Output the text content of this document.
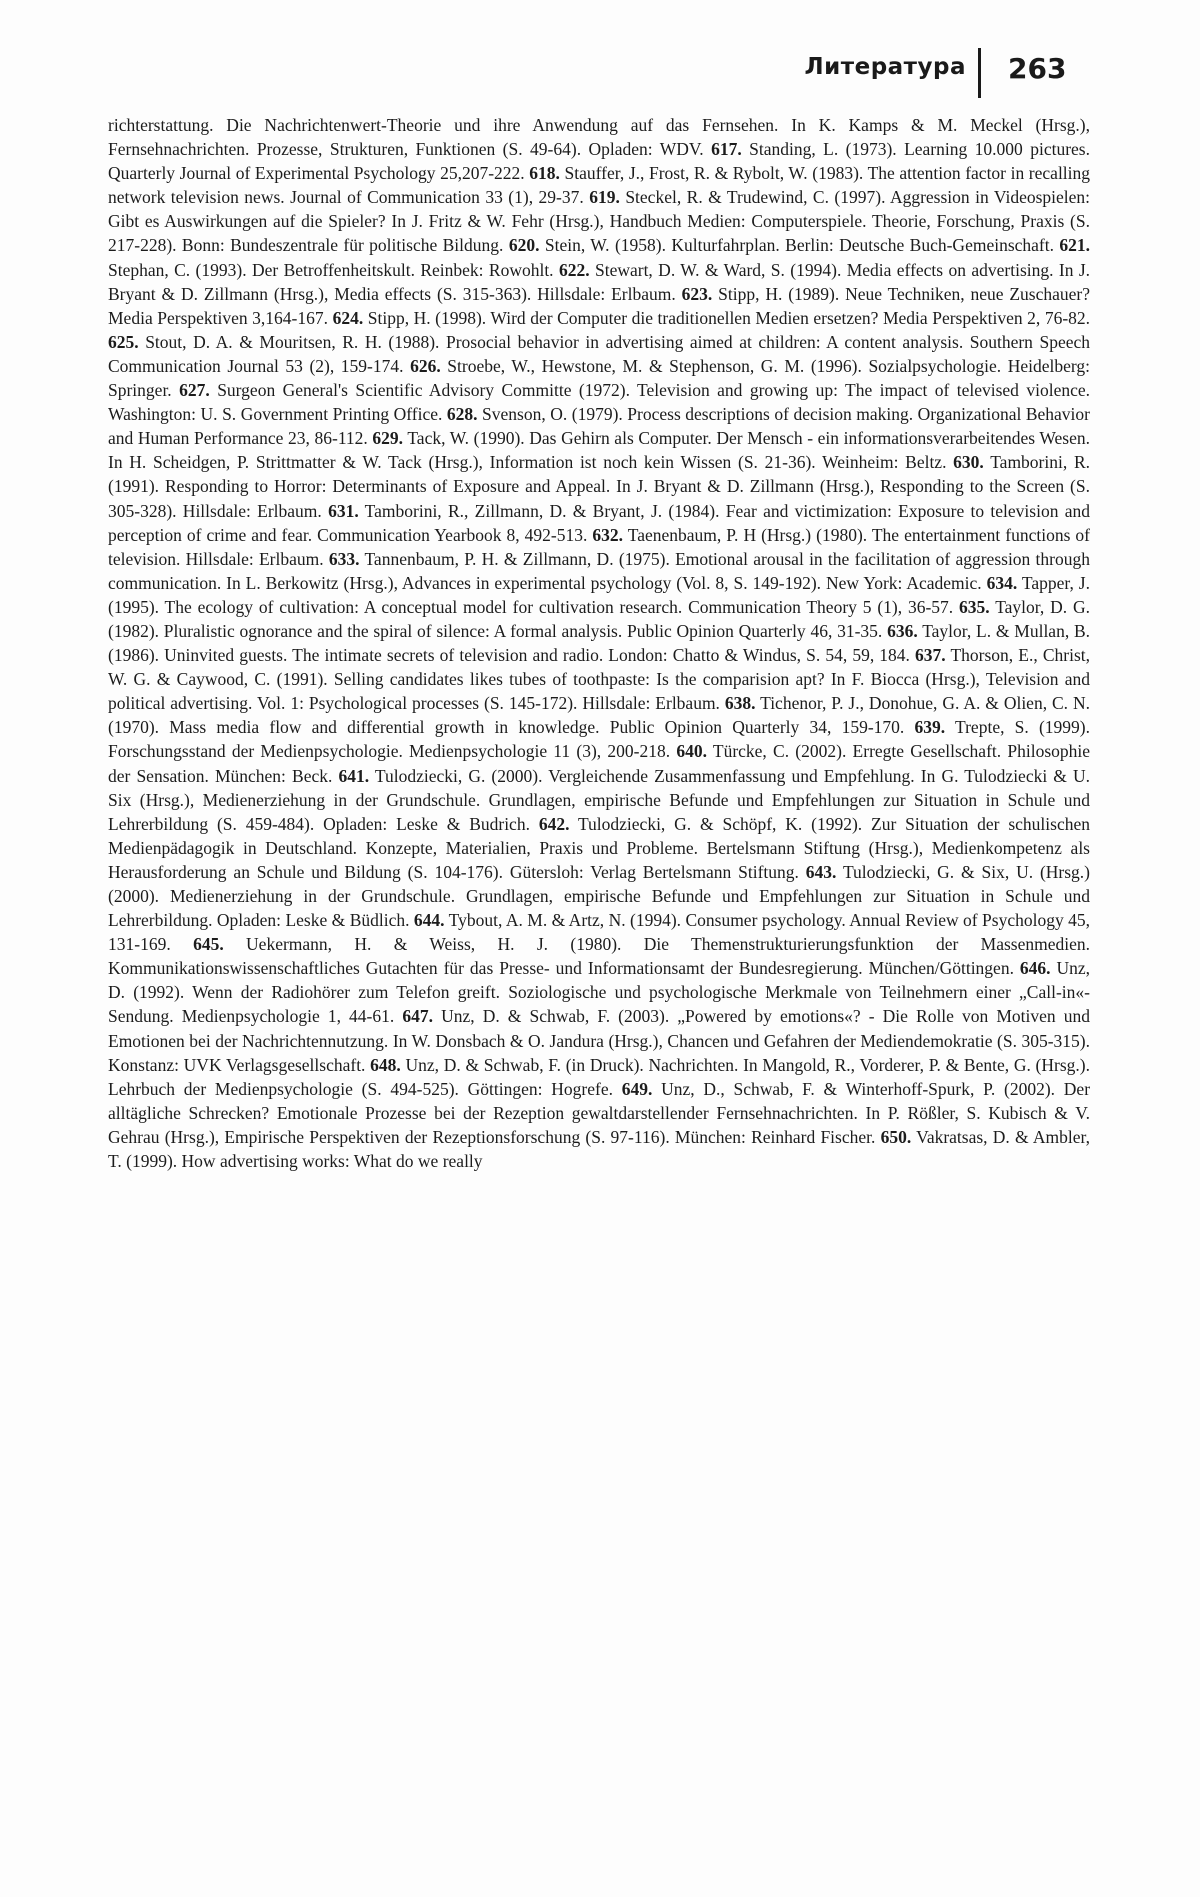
Литература 263
richterstattung. Die Nachrichtenwert-Theorie und ihre Anwendung auf das Fernsehen. In K. Kamps & M. Meckel (Hrsg.), Fernsehnachrichten. Prozesse, Strukturen, Funktionen (S. 49-64). Opladen: WDV. 617. Standing, L. (1973). Learning 10.000 pictures. Quarterly Journal of Experimental Psychology 25,207-222. 618. Stauffer, J., Frost, R. & Rybolt, W. (1983). The attention factor in recalling network television news. Journal of Communication 33 (1), 29-37. 619. Steckel, R. & Trudewind, C. (1997). Aggression in Videospielen: Gibt es Auswirkungen auf die Spieler? In J. Fritz & W. Fehr (Hrsg.), Handbuch Medien: Computerspiele. Theorie, Forschung, Praxis (S. 217-228). Bonn: Bundeszentrale für politische Bildung. 620. Stein, W. (1958). Kulturfahrplan. Berlin: Deutsche Buch-Gemeinschaft. 621. Stephan, C. (1993). Der Betroffenheitskult. Reinbek: Rowohlt. 622. Stewart, D. W. & Ward, S. (1994). Media effects on advertising. In J. Bryant & D. Zillmann (Hrsg.), Media effects (S. 315-363). Hillsdale: Erlbaum. 623. Stipp, H. (1989). Neue Techniken, neue Zuschauer? Media Perspektiven 3,164-167. 624. Stipp, H. (1998). Wird der Computer die traditionellen Medien ersetzen? Media Perspektiven 2, 76-82. 625. Stout, D. A. & Mouritsen, R. H. (1988). Prosocial behavior in advertising aimed at children: A content analysis. Southern Speech Communication Journal 53 (2), 159-174. 626. Stroebe, W., Hewstone, M. & Stephenson, G. M. (1996). Sozialpsychologie. Heidelberg: Springer. 627. Surgeon General's Scientific Advisory Committe (1972). Television and growing up: The impact of televised violence. Washington: U. S. Government Printing Office. 628. Svenson, O. (1979). Process descriptions of decision making. Organizational Behavior and Human Performance 23, 86-112. 629. Tack, W. (1990). Das Gehirn als Computer. Der Mensch - ein informationsverarbeitendes Wesen. In H. Scheidgen, P. Strittmatter & W. Tack (Hrsg.), Information ist noch kein Wissen (S. 21-36). Weinheim: Beltz. 630. Tamborini, R. (1991). Responding to Horror: Determinants of Exposure and Appeal. In J. Bryant & D. Zillmann (Hrsg.), Responding to the Screen (S. 305-328). Hillsdale: Erlbaum. 631. Tamborini, R., Zillmann, D. & Bryant, J. (1984). Fear and victimization: Exposure to television and perception of crime and fear. Communication Yearbook 8, 492-513. 632. Taenenbaum, P. H (Hrsg.) (1980). The entertainment functions of television. Hillsdale: Erlbaum. 633. Tannenbaum, P. H. & Zillmann, D. (1975). Emotional arousal in the facilitation of aggression through communication. In L. Berkowitz (Hrsg.), Advances in experimental psychology (Vol. 8, S. 149-192). New York: Academic. 634. Tapper, J. (1995). The ecology of cultivation: A conceptual model for cultivation research. Communication Theory 5 (1), 36-57. 635. Taylor, D. G. (1982). Pluralistic ognorance and the spiral of silence: A formal analysis. Public Opinion Quarterly 46, 31-35. 636. Taylor, L. & Mullan, B. (1986). Uninvited guests. The intimate secrets of television and radio. London: Chatto & Windus, S. 54, 59, 184. 637. Thorson, E., Christ, W. G. & Caywood, C. (1991). Selling candidates likes tubes of toothpaste: Is the comparision apt? In F. Biocca (Hrsg.), Television and political advertising. Vol. 1: Psychological processes (S. 145-172). Hillsdale: Erlbaum. 638. Tichenor, P. J., Donohue, G. A. & Olien, C. N. (1970). Mass media flow and differential growth in knowledge. Public Opinion Quarterly 34, 159-170. 639. Trepte, S. (1999). Forschungsstand der Medienpsychologie. Medienpsychologie 11 (3), 200-218. 640. Türcke, C. (2002). Erregte Gesellschaft. Philosophie der Sensation. München: Beck. 641. Tulodziecki, G. (2000). Vergleichende Zusammenfassung und Empfehlung. In G. Tulodziecki & U. Six (Hrsg.), Medienerziehung in der Grundschule. Grundlagen, empirische Befunde und Empfehlungen zur Situation in Schule und Lehrerbildung (S. 459-484). Opladen: Leske & Budrich. 642. Tulodziecki, G. & Schöpf, K. (1992). Zur Situation der schulischen Medienpädagogik in Deutschland. Konzepte, Materialien, Praxis und Probleme. Bertelsmann Stiftung (Hrsg.), Medienkompetenz als Herausforderung an Schule und Bildung (S. 104-176). Gütersloh: Verlag Bertelsmann Stiftung. 643. Tulodziecki, G. & Six, U. (Hrsg.) (2000). Medienerziehung in der Grundschule. Grundlagen, empirische Befunde und Empfehlungen zur Situation in Schule und Lehrerbildung. Opladen: Leske & Büdlich. 644. Tybout, A. M. & Artz, N. (1994). Consumer psychology. Annual Review of Psychology 45, 131-169. 645. Uekermann, H. & Weiss, H. J. (1980). Die Themenstrukturierungsfunktion der Massenmedien. Kommunikationswissenschaftliches Gutachten für das Presse- und Informationsamt der Bundesregierung. München/Göttingen. 646. Unz, D. (1992). Wenn der Radiohörer zum Telefon greift. Soziologische und psychologische Merkmale von Teilnehmern einer „Call-in«-Sendung. Medienpsychologie 1, 44-61. 647. Unz, D. & Schwab, F. (2003). „Powered by emotions«? - Die Rolle von Motiven und Emotionen bei der Nachrichtennutzung. In W. Donsbach & O. Jandura (Hrsg.), Chancen und Gefahren der Mediendemokratie (S. 305-315). Konstanz: UVK Verlagsgesellschaft. 648. Unz, D. & Schwab, F. (in Druck). Nachrichten. In Mangold, R., Vorderer, P. & Bente, G. (Hrsg.). Lehrbuch der Medienpsychologie (S. 494-525). Göttingen: Hogrefe. 649. Unz, D., Schwab, F. & Winterhoff-Spurk, P. (2002). Der alltägliche Schrecken? Emotionale Prozesse bei der Rezeption gewaltdarstellender Fernsehnachrichten. In P. Rößler, S. Kubisch & V. Gehrau (Hrsg.), Empirische Perspektiven der Rezeptionsforschung (S. 97-116). München: Reinhard Fischer. 650. Vakratsas, D. & Ambler, T. (1999). How advertising works: What do we really
